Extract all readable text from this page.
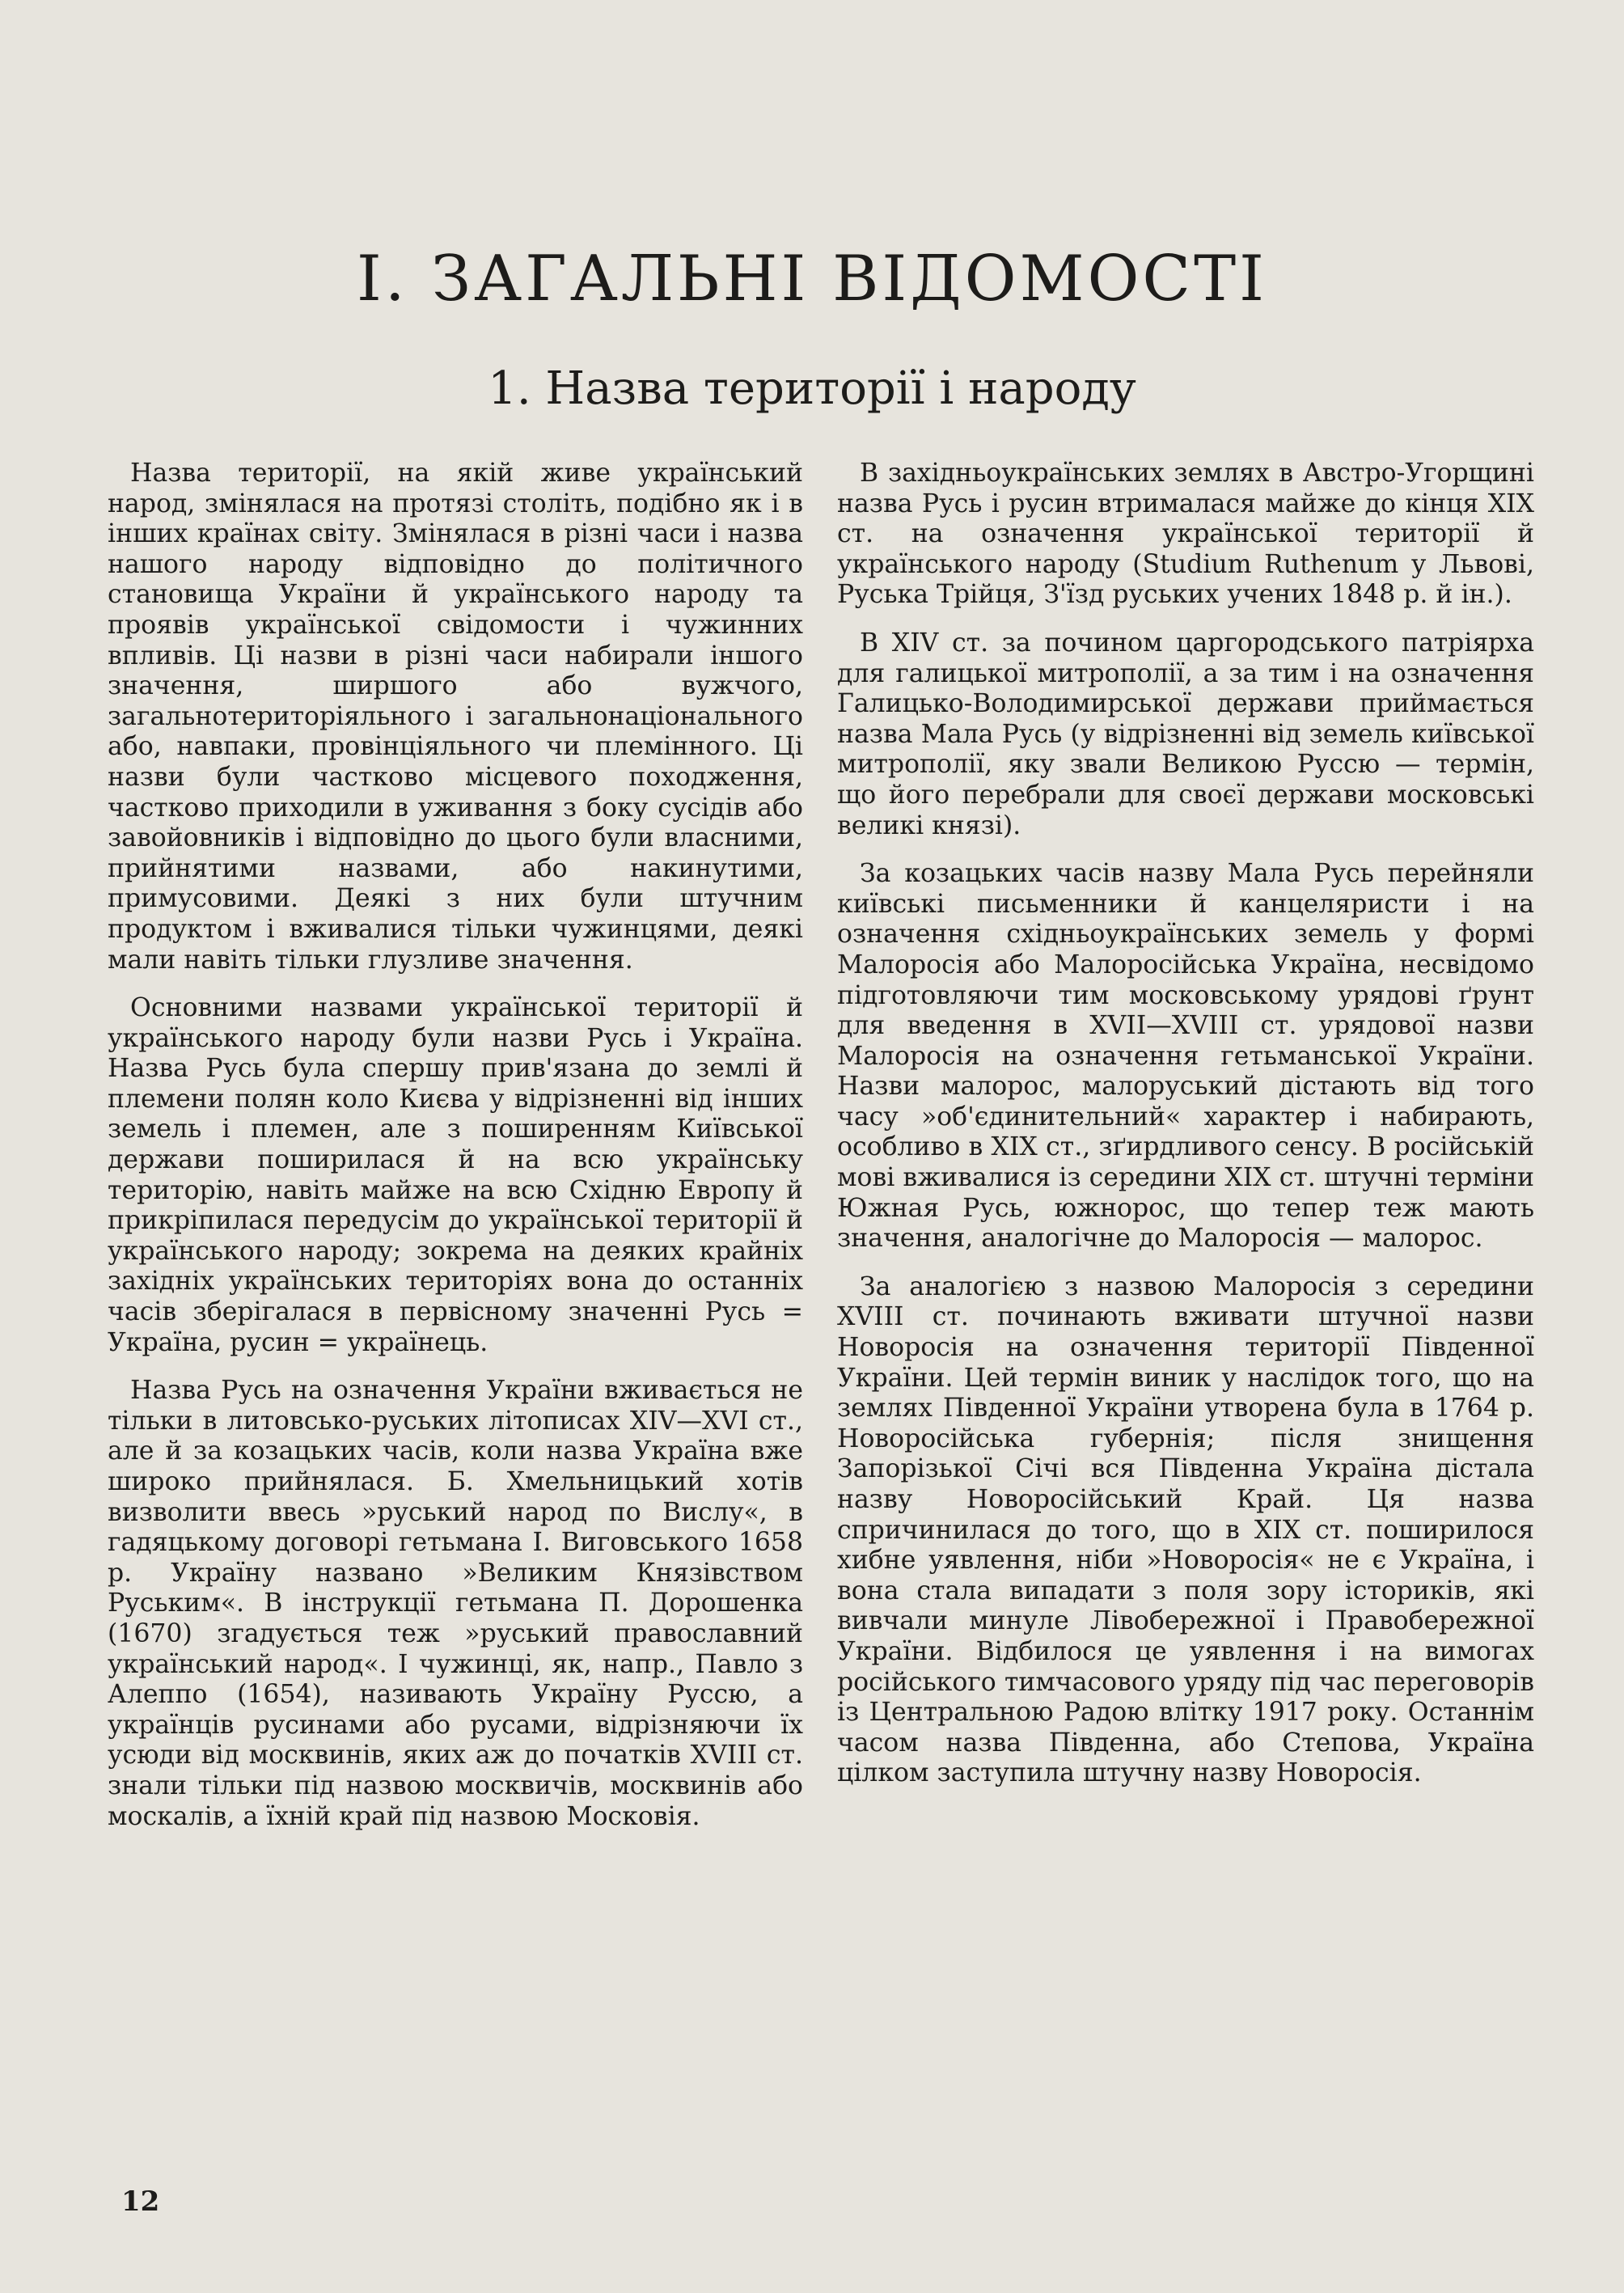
І. ЗАГАЛЬНІ ВІДОМОСТІ
1. Назва території і народу

Назва території, на якій живе український народ, змінялася на протязі століть, подібно як і в інших країнах світу. Змінялася в різні часи і назва нашого народу відповідно до політичного становища України й українського народу та проявів української свідомости і чужинних впливів. Ці назви в різні часи набирали іншого значення, ширшого або вужчого, загальнотериторіяльного і загальнонаціонального або, навпаки, провінціяльного чи племінного. Ці назви були частково місцевого походження, частково приходили в уживання з боку сусідів або завойовників і відповідно до цього були власними, прийнятими назвами, або накинутими, примусовими. Деякі з них були штучним продуктом і вживалися тільки чужинцями, деякі мали навіть тільки глузливе значення.

Основними назвами української території й українського народу були назви Русь і Україна. Назва Русь була спершу прив'язана до землі й племени полян коло Києва у відрізненні від інших земель і племен, але з поширенням Київської держави поширилася й на всю українську територію, навіть майже на всю Східню Европу й прикріпилася передусім до української території й українського народу; зокрема на деяких крайніх західніх українських територіях вона до останніх часів зберігалася в первісному значенні Русь = Україна, русин = українець.

Назва Русь на означення України вживається не тільки в литовсько-руських літописах XIV—XVI ст., але й за козацьких часів, коли назва Україна вже широко прийнялася. Б. Хмельницький хотів визволити ввесь »руський народ по Вислу«, в гадяцькому договорі гетьмана І. Виговського 1658 р. Україну названо »Великим Князівством Руським«. В інструкції гетьмана П. Дорошенка (1670) згадується теж »руський православний український народ«. І чужинці, як, напр., Павло з Алеппо (1654), називають Україну Руссю, а українців русинами або русами, відрізняючи їх усюди від москвинів, яких аж до початків XVIII ст. знали тільки під назвою москвичів, москвинів або москалів, а їхній край під назвою Московія.

В західньоукраїнських землях в Австро-Угорщині назва Русь і русин втрималася майже до кінця XIX ст. на означення української території й українського народу (Studium Ruthenum у Львові, Руська Трійця, З'їзд руських учених 1848 р. й ін.).

В XIV ст. за почином царгородського патріярха для галицької митрополії, а за тим і на означення Галицько-Володимирської держави приймається назва Мала Русь (у відрізненні від земель київської митрополії, яку звали Великою Руссю — термін, що його перебрали для своєї держави московські великі князі).

За козацьких часів назву Мала Русь перейняли київські письменники й канцеляристи і на означення східньоукраїнських земель у формі Малоросія або Малоросійська Україна, несвідомо підготовляючи тим московському урядові ґрунт для введення в XVII—XVIII ст. урядової назви Малоросія на означення гетьманської України. Назви малорос, малоруський дістають від того часу »об'єдинительний« характер і набирають, особливо в XIX ст., зґирдливого сенсу. В російській мові вживалися із середини XIX ст. штучні терміни Южная Русь, южнорос, що тепер теж мають значення, аналогічне до Малоросія — малорос.

За аналогією з назвою Малоросія з середини XVIII ст. починають вживати штучної назви Новоросія на означення території Південної України. Цей термін виник у наслідок того, що на землях Південної України утворена була в 1764 р. Новоросійська губернія; після знищення Запорізької Січі вся Південна Україна дістала назву Новоросійський Край. Ця назва спричинилася до того, що в XIX ст. поширилося хибне уявлення, ніби »Новоросія« не є Україна, і вона стала випадати з поля зору істориків, які вивчали минуле Лівобережної і Правобережної України. Відбилося це уявлення і на вимогах російського тимчасового уряду під час переговорів із Центральною Радою влітку 1917 року. Останнім часом назва Південна, або Степова, Україна цілком заступила штучну назву Новоросія.

12
